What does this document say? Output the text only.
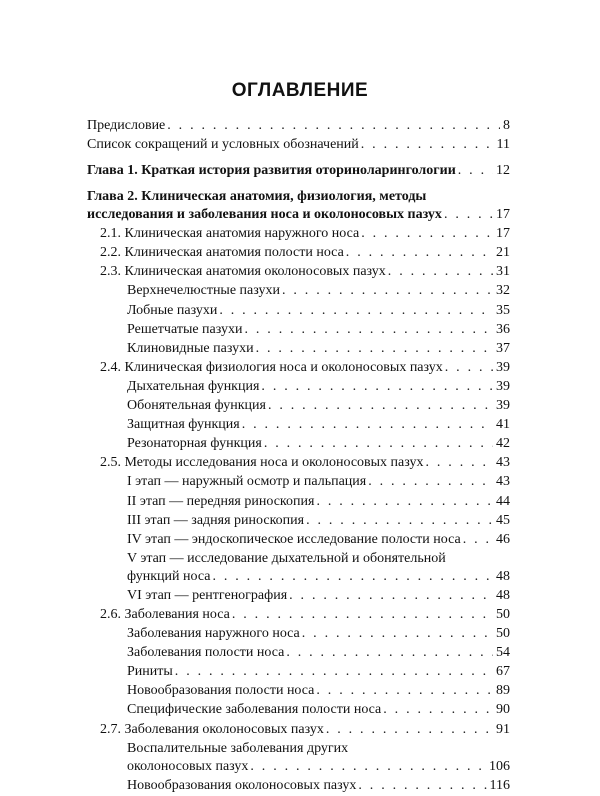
ОГЛАВЛЕНИЕ
Предисловие . . .	8
Список сокращений и условных обозначений . . .	11
Глава 1. Краткая история развития оториноларингологии . . .	12
Глава 2. Клиническая анатомия, физиология, методы
исследования и заболевания носа и околоносовых пазух . . .	17
2.1. Клиническая анатомия наружного носа . . .	17
2.2. Клиническая анатомия полости носа . . .	21
2.3. Клиническая анатомия околоносовых пазух . . .	31
Верхнечелюстные пазухи . . .	32
Лобные пазухи . . .	35
Решетчатые пазухи . . .	36
Клиновидные пазухи . . .	37
2.4. Клиническая физиология носа и околоносовых пазух . . .	39
Дыхательная функция . . .	39
Обонятельная функция . . .	39
Защитная функция . . .	41
Резонаторная функция . . .	42
2.5. Методы исследования носа и околоносовых пазух . . .	43
I этап — наружный осмотр и пальпация . . .	43
II этап — передняя риноскопия . . .	44
III этап — задняя риноскопия . . .	45
IV этап — эндоскопическое исследование полости носа . . .	46
V этап — исследование дыхательной и обонятельной
функций носа . . .	48
VI этап — рентгенография . . .	48
2.6. Заболевания носа . . .	50
Заболевания наружного носа . . .	50
Заболевания полости носа . . .	54
Риниты . . .	67
Новообразования полости носа . . .	89
Специфические заболевания полости носа . . .	90
2.7. Заболевания околоносовых пазух . . .	91
Воспалительные заболевания других
околоносовых пазух . . .	106
Новообразования околоносовых пазух . . .	116
